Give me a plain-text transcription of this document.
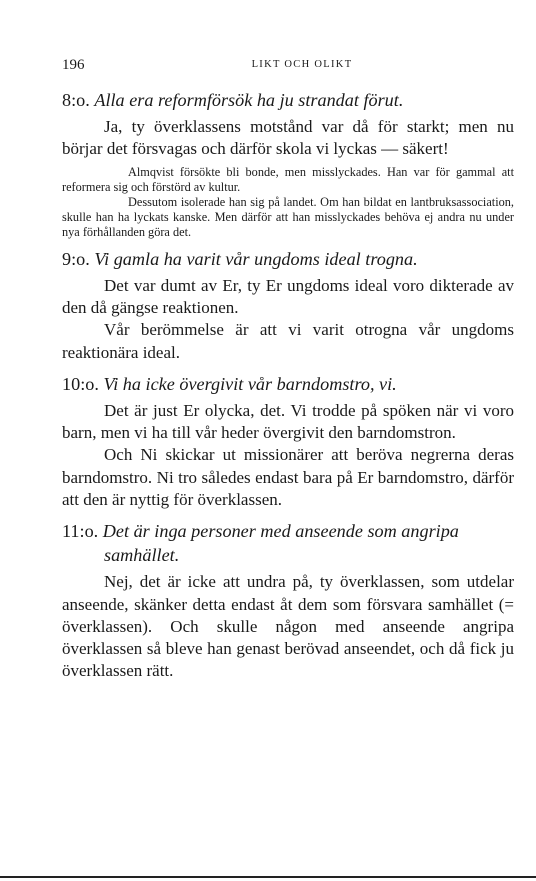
196	LIKT OCH OLIKT

8:o. Alla era reformförsök ha ju strandat förut.

Ja, ty överklassens motstånd var då för starkt; men nu börjar det försvagas och därför skola vi lyckas — säkert!

Almqvist försökte bli bonde, men misslyckades. Han var för gammal att reformera sig och förstörd av kultur.

Dessutom isolerade han sig på landet. Om han bildat en lantbruksassociation, skulle han ha lyckats kanske. Men därför att han misslyckades behöva ej andra nu under nya förhållanden göra det.

9:o. Vi gamla ha varit vår ungdoms ideal trogna.

Det var dumt av Er, ty Er ungdoms ideal voro dikterade av den då gängse reaktionen.

Vår berömmelse är att vi varit otrogna vår ungdoms reaktionära ideal.

10:o. Vi ha icke övergivit vår barndomstro, vi.

Det är just Er olycka, det. Vi trodde på spöken när vi voro barn, men vi ha till vår heder övergivit den barndomstron.

Och Ni skickar ut missionärer att beröva negrerna deras barndomstro. Ni tro således endast bara på Er barndomstro, därför att den är nyttig för överklassen.

11:o. Det är inga personer med anseende som angripa samhället.

Nej, det är icke att undra på, ty överklassen, som utdelar anseende, skänker detta endast åt dem som försvara samhället (= överklassen). Och skulle någon med anseende angripa överklassen så bleve han genast berövad anseendet, och då fick ju överklassen rätt.
